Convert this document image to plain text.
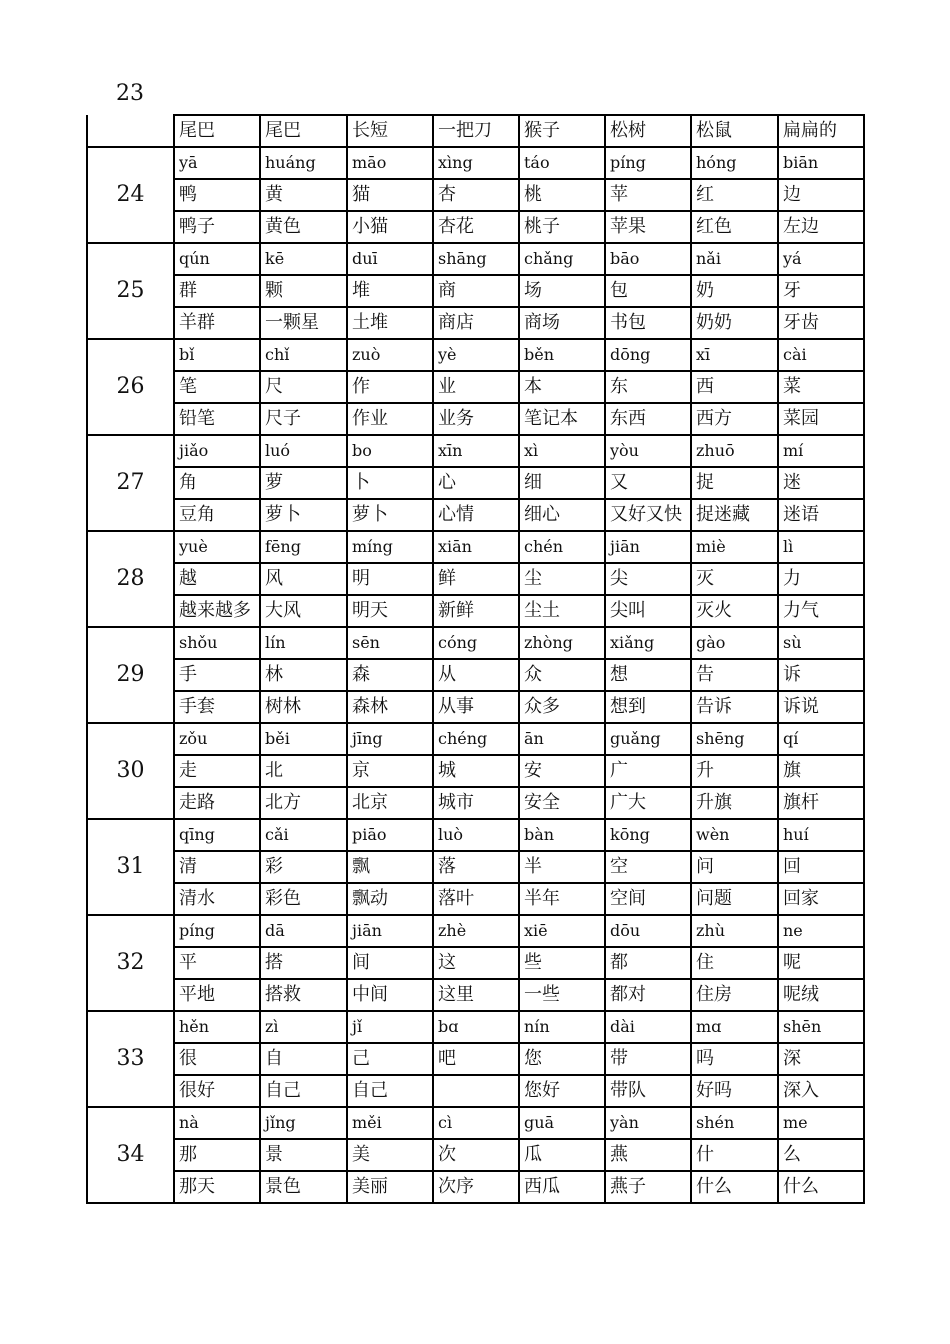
23
	尾巴	尾巴	长短	一把刀	猴子	松树	松鼠	扁扁的
24	yā	huáng	māo	xìng	táo	píng	hóng	biān
	鸭	黄	猫	杏	桃	苹	红	边
	鸭子	黄色	小猫	杏花	桃子	苹果	红色	左边
25	qún	kē	duī	shāng	chǎng	bāo	nǎi	yá
	群	颗	堆	商	场	包	奶	牙
	羊群	一颗星	土堆	商店	商场	书包	奶奶	牙齿
26	bǐ	chǐ	zuò	yè	běn	dōng	xī	cài
	笔	尺	作	业	本	东	西	菜
	铅笔	尺子	作业	业务	笔记本	东西	西方	菜园
27	jiǎo	luó	bo	xīn	xì	yòu	zhuō	mí
	角	萝	卜	心	细	又	捉	迷
	豆角	萝卜	萝卜	心情	细心	又好又快	捉迷藏	迷语
28	yuè	fēng	míng	xiān	chén	jiān	miè	lì
	越	风	明	鲜	尘	尖	灭	力
	越来越多	大风	明天	新鲜	尘土	尖叫	灭火	力气
29	shǒu	lín	sēn	cóng	zhòng	xiǎng	gào	sù
	手	林	森	从	众	想	告	诉
	手套	树林	森林	从事	众多	想到	告诉	诉说
30	zǒu	běi	jīng	chéng	ān	guǎng	shēng	qí
	走	北	京	城	安	广	升	旗
	走路	北方	北京	城市	安全	广大	升旗	旗杆
31	qīng	cǎi	piāo	luò	bàn	kōng	wèn	huí
	清	彩	飘	落	半	空	问	回
	清水	彩色	飘动	落叶	半年	空间	问题	回家
32	píng	dā	jiān	zhè	xiē	dōu	zhù	ne
	平	搭	间	这	些	都	住	呢
	平地	搭救	中间	这里	一些	都对	住房	呢绒
33	hěn	zì	jǐ	bɑ	nín	dài	mɑ	shēn
	很	自	己	吧	您	带	吗	深
	很好	自己	自己		您好	带队	好吗	深入
34	nà	jǐng	měi	cì	guā	yàn	shén	me
	那	景	美	次	瓜	燕	什	么
	那天	景色	美丽	次序	西瓜	燕子	什么	什么
